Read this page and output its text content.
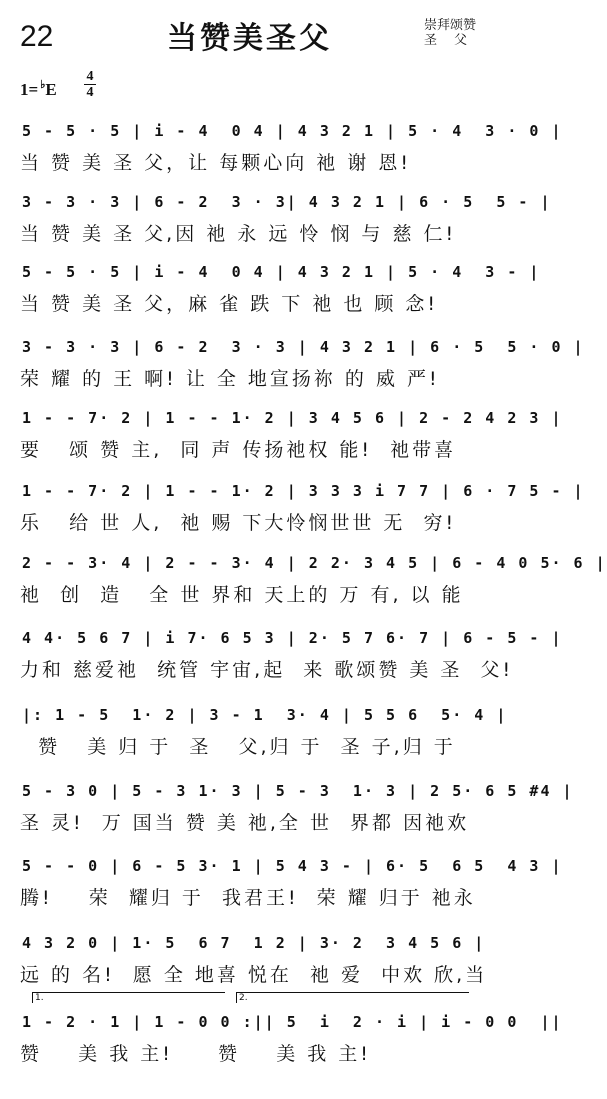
22	当赞美圣父	崇拜颂赞
圣父
1= ♭E
4
4
5 - 5 · 5 | i - 4  0 4 | 4 3 2 1 | 5 · 4  3 · 0 |
当 赞 美 圣 父，让 每颗心向 祂 谢 恩!
3 - 3 · 3 | 6 - 2  3 · 3| 4 3 2 1 | 6 · 5  5 - |
当 赞 美 圣 父,因 祂 永 远 怜 悯 与 慈 仁!
5 - 5 · 5 | i - 4  0 4 | 4 3 2 1 | 5 · 4  3 - |
当 赞 美 圣 父，麻 雀 跌 下 祂 也 顾 念!
3 - 3 · 3 | 6 - 2  3 · 3 | 4 3 2 1 | 6 · 5  5 · 0 |
荣 耀 的 王 啊! 让 全 地宣扬祢 的 威 严!
1 - - 7· 2 | 1 - - 1· 2 | 3 4 5 6 | 2 - 2 4 2 3 |
要   颂 赞 主,  同 声 传扬祂权 能!  祂带喜
1 - - 7· 2 | 1 - - 1· 2 | 3 3 3 i 7 7 | 6 · 7 5 - |
乐   给 世 人,  祂 赐 下大怜悯世世 无  穷!
2 - - 3· 4 | 2 - - 3· 4 | 2 2· 3 4 5 | 6 - 4 0 5· 6 |
祂  创  造   全 世 界和 天上的 万 有, 以 能
4 4· 5 6 7 | i 7· 6 5 3 | 2· 5 7 6· 7 | 6 - 5 - |
力和 慈爱祂  统管 宇宙,起  来 歌颂赞 美 圣  父!
|: 1 - 5  1· 2 | 3 - 1  3· 4 | 5 5 6  5· 4 |
赞   美 归 于  圣   父,归 于  圣 子,归 于
5 - 3 0 | 5 - 3 1· 3 | 5 - 3  1· 3 | 2 5· 6 5 #4 |
圣 灵!  万 国当 赞 美 祂,全 世  界都 因祂欢
5 - - 0 | 6 - 5 3· 1 | 5 4 3 - | 6· 5  6 5  4 3 |
腾!    荣  耀归 于  我君王!  荣 耀 归于 祂永
4 3 2 0 | 1· 5  6 7  1 2 | 3· 2  3 4 5 6 |
远 的 名!  愿 全 地喜 悦在  祂 爱  中欢 欣,当
1.	2.
1 - 2 · 1 | 1 - 0 0 :|| 5  i  2 · i | i - 0 0  ||
赞    美 我 主!     赞    美 我 主!
